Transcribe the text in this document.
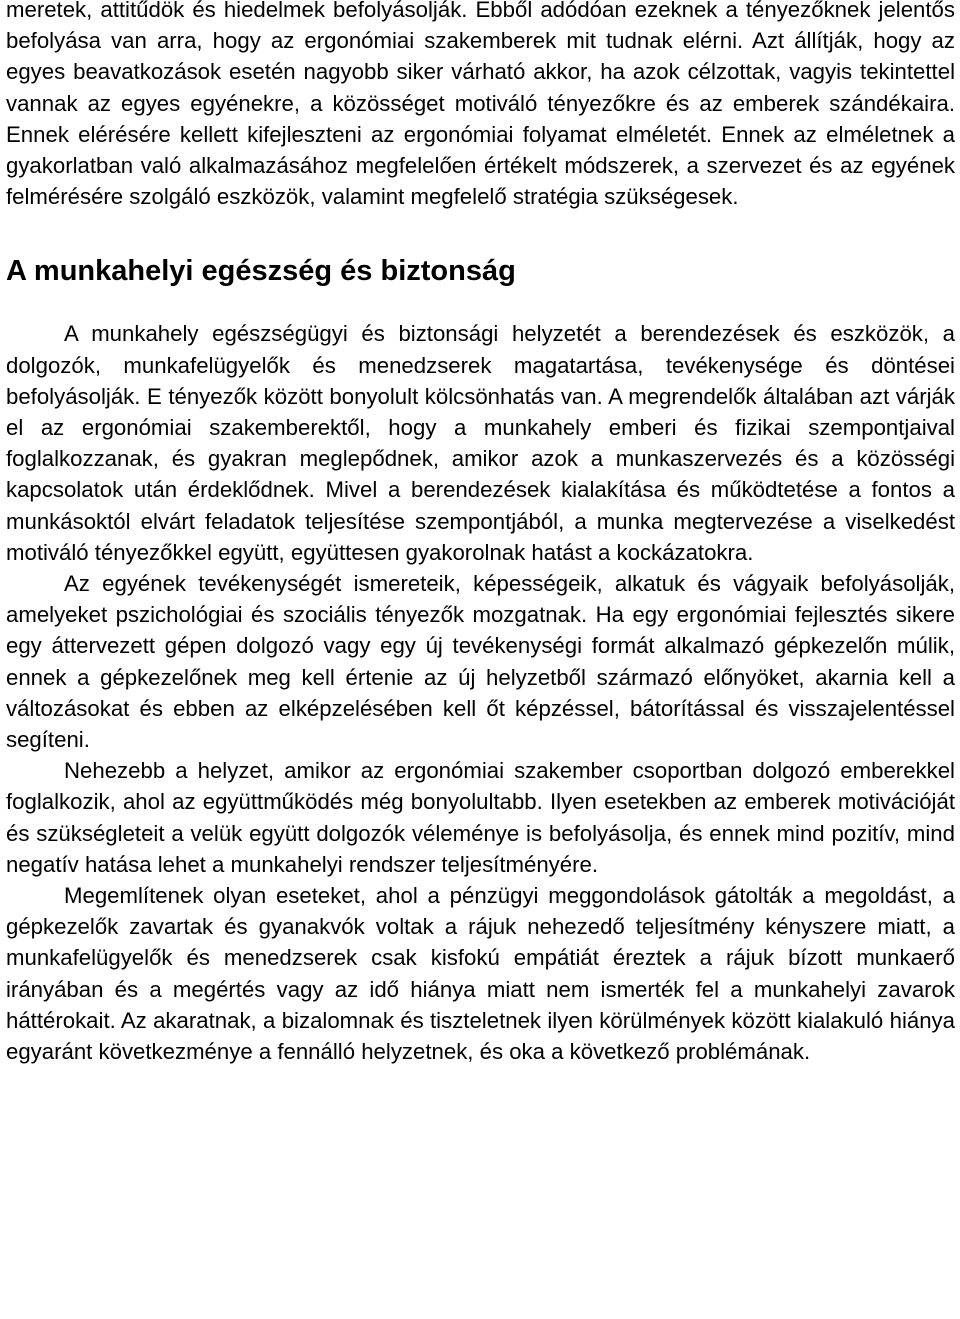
meretek, attitűdök és hiedelmek befolyásolják. Ebből adódóan ezeknek a tényezőknek jelentős befolyása van arra, hogy az ergonómiai szakemberek mit tudnak elérni. Azt állítják, hogy az egyes beavatkozások esetén nagyobb siker várható akkor, ha azok célzottak, vagyis tekintettel vannak az egyes egyénekre, a közösséget motiváló tényezőkre és az emberek szándékaira. Ennek elérésére kellett kifejleszteni az ergonómiai folyamat elméletét. Ennek az elméletnek a gyakorlatban való alkalmazásához megfelelően értékelt módszerek, a szervezet és az egyének felmérésére szolgáló eszközök, valamint megfelelő stratégia szükségesek.

A munkahelyi egészség és biztonság

A munkahely egészségügyi és biztonsági helyzetét a berendezések és eszközök, a dolgozók, munkafelügyelők és menedzserek magatartása, tevékenysége és döntései befolyásolják. E tényezők között bonyolult kölcsönhatás van. A megrendelők általában azt várják el az ergonómiai szakemberektől, hogy a munkahely emberi és fizikai szempontjaival foglalkozzanak, és gyakran meglepődnek, amikor azok a munkaszervezés és a közösségi kapcsolatok után érdeklődnek. Mivel a berendezések kialakítása és működtetése a fontos a munkásoktól elvárt feladatok teljesítése szempontjából, a munka megtervezése a viselkedést motiváló tényezőkkel együtt, együttesen gyakorolnak hatást a kockázatokra.

Az egyének tevékenységét ismereteik, képességeik, alkatuk és vágyaik befolyásolják, amelyeket pszichológiai és szociális tényezők mozgatnak. Ha egy ergonómiai fejlesztés sikere egy áttervezett gépen dolgozó vagy egy új tevékenységi formát alkalmazó gépkezelőn múlik, ennek a gépkezelőnek meg kell értenie az új helyzetből származó előnyöket, akarnia kell a változásokat és ebben az elképzelésében kell őt képzéssel, bátorítással és visszajelentéssel segíteni.

Nehezebb a helyzet, amikor az ergonómiai szakember csoportban dolgozó emberekkel foglalkozik, ahol az együttműködés még bonyolultabb. Ilyen esetekben az emberek motivációját és szükségleteit a velük együtt dolgozók véleménye is befolyásolja, és ennek mind pozitív, mind negatív hatása lehet a munkahelyi rendszer teljesítményére.

Megemlítenek olyan eseteket, ahol a pénzügyi meggondolások gátolták a megoldást, a gépkezelők zavartak és gyanakvók voltak a rájuk nehezedő teljesítmény kényszere miatt, a munkafelügyelők és menedzserek csak kisfokú empátiát éreztek a rájuk bízott munkaerő irányában és a megértés vagy az idő hiánya miatt nem ismerték fel a munkahelyi zavarok háttérokait. Az akaratnak, a bizalomnak és tiszteletnek ilyen körülmények között kialakuló hiánya egyaránt következménye a fennálló helyzetnek, és oka a következő problémának.
